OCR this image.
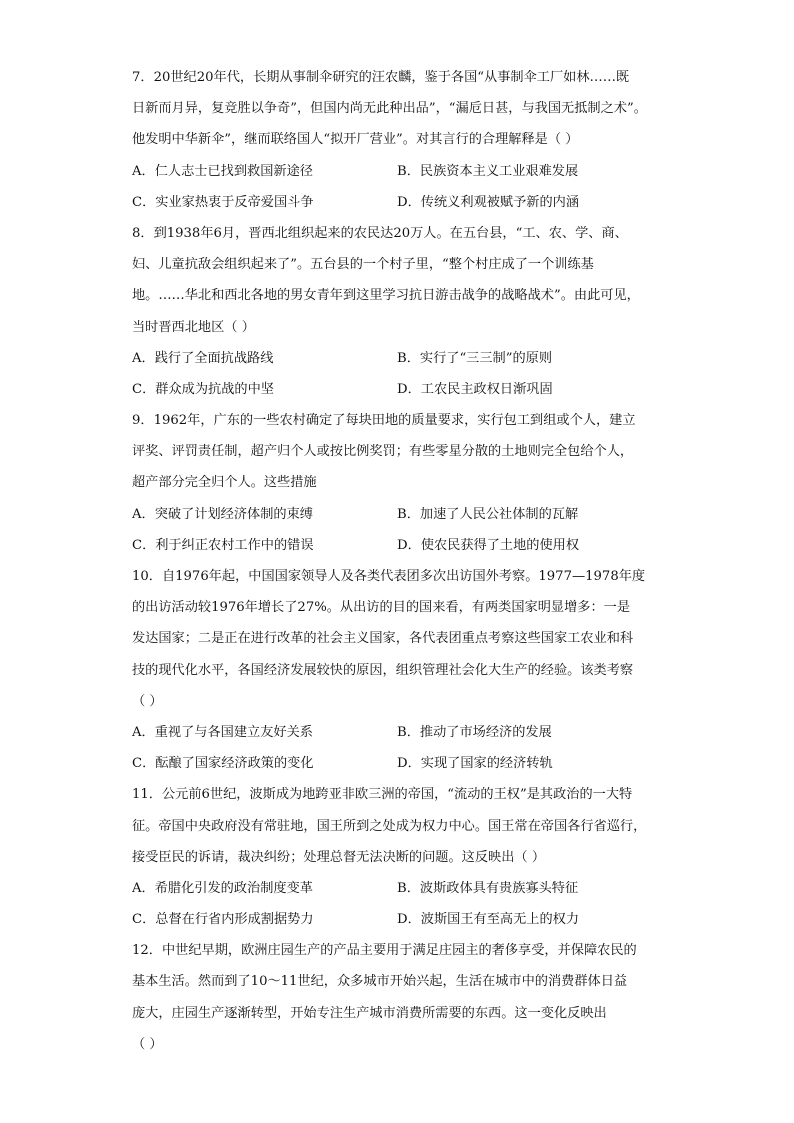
7．20世纪20年代，长期从事制伞研究的汪农麟，鉴于各国“从事制伞工厂如林……既
日新而月异，复竞胜以争奇”，但国内尚无此种出品”，“漏卮日甚，与我国无抵制之术”。
他发明中华新伞”，继而联络国人“拟开厂营业”。对其言行的合理解释是（ ）
A．仁人志士已找到救国新途径	B．民族资本主义工业艰难发展
C．实业家热衷于反帝爱国斗争	D．传统义利观被赋予新的内涵
8．到1938年6月，晋西北组织起来的农民达20万人。在五台县，“工、农、学、商、
妇、儿童抗敌会组织起来了”。五台县的一个村子里，“整个村庄成了一个训练基
地。……华北和西北各地的男女青年到这里学习抗日游击战争的战略战术”。由此可见，
当时晋西北地区（ ）
A．践行了全面抗战路线	B．实行了“三三制”的原则
C．群众成为抗战的中坚	D．工农民主政权日渐巩固
9．1962年，广东的一些农村确定了每块田地的质量要求，实行包工到组或个人，建立
评奖、评罚责任制，超产归个人或按比例奖罚；有些零星分散的土地则完全包给个人，
超产部分完全归个人。这些措施
A．突破了计划经济体制的束缚	B．加速了人民公社体制的瓦解
C．利于纠正农村工作中的错误	D．使农民获得了土地的使用权
10．自1976年起，中国国家领导人及各类代表团多次出访国外考察。1977—1978年度
的出访活动较1976年增长了27%。从出访的目的国来看，有两类国家明显增多：一是
发达国家；二是正在进行改革的社会主义国家，各代表团重点考察这些国家工农业和科
技的现代化水平，各国经济发展较快的原因，组织管理社会化大生产的经验。该类考察
（ ）
A．重视了与各国建立友好关系	B．推动了市场经济的发展
C．酝酿了国家经济政策的变化	D．实现了国家的经济转轨
11．公元前6世纪，波斯成为地跨亚非欧三洲的帝国，“流动的王权”是其政治的一大特
征。帝国中央政府没有常驻地，国王所到之处成为权力中心。国王常在帝国各行省巡行，
接受臣民的诉请，裁决纠纷；处理总督无法决断的问题。这反映出（ ）
A．希腊化引发的政治制度变革	B．波斯政体具有贵族寡头特征
C．总督在行省内形成割据势力	D．波斯国王有至高无上的权力
12．中世纪早期，欧洲庄园生产的产品主要用于满足庄园主的奢侈享受，并保障农民的
基本生活。然而到了10～11世纪，众多城市开始兴起，生活在城市中的消费群体日益
庞大，庄园生产逐渐转型，开始专注生产城市消费所需要的东西。这一变化反映出
（ ）
